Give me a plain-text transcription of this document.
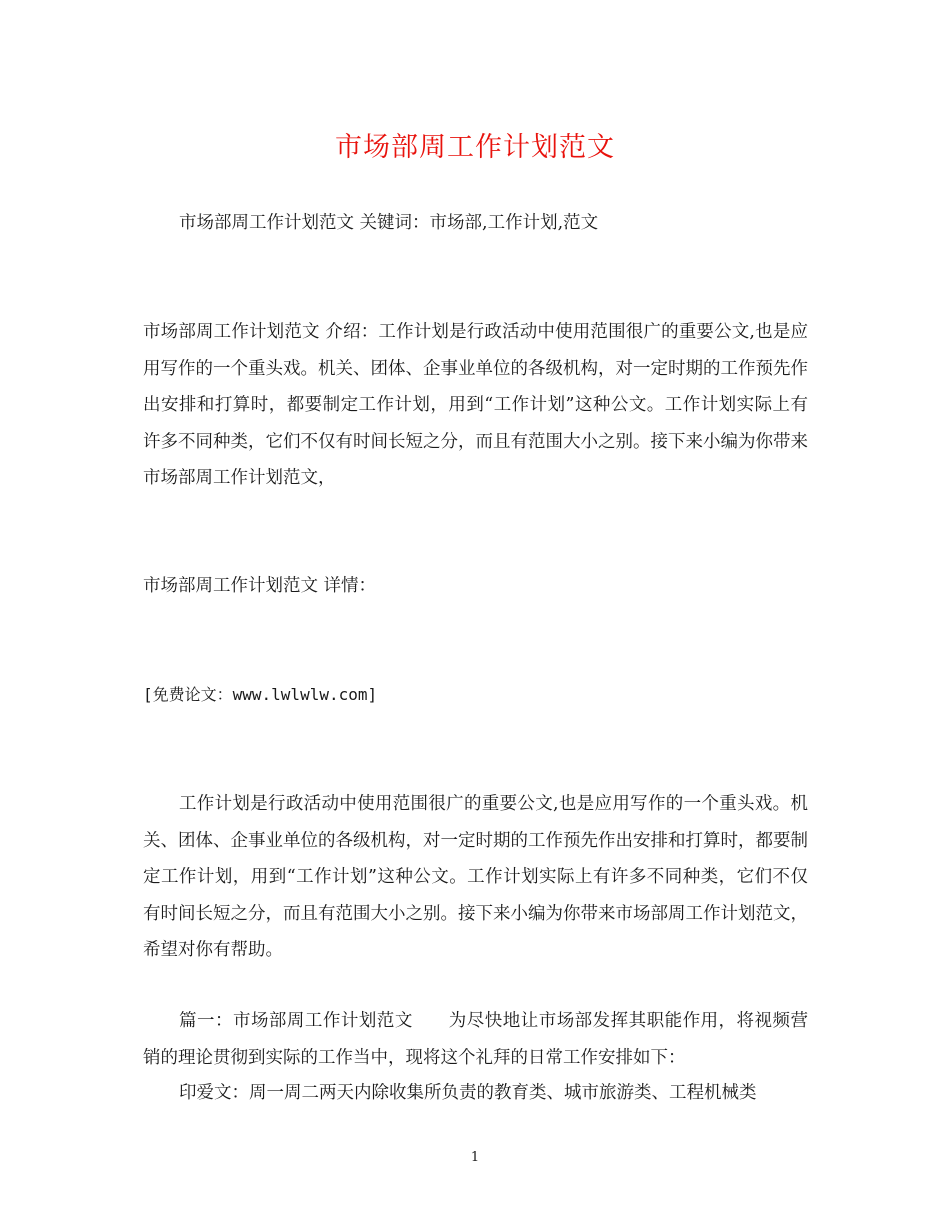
市场部周工作计划范文
市场部周工作计划范文 关键词：市场部,工作计划,范文
市场部周工作计划范文 介绍：工作计划是行政活动中使用范围很广的重要公文,也是应用写作的一个重头戏。机关、团体、企事业单位的各级机构，对一定时期的工作预先作出安排和打算时，都要制定工作计划，用到“工作计划”这种公文。工作计划实际上有许多不同种类，它们不仅有时间长短之分，而且有范围大小之别。接下来小编为你带来市场部周工作计划范文，
市场部周工作计划范文 详情：
[免费论文：www.lwlwlw.com]
工作计划是行政活动中使用范围很广的重要公文,也是应用写作的一个重头戏。机关、团体、企事业单位的各级机构，对一定时期的工作预先作出安排和打算时，都要制定工作计划，用到“工作计划”这种公文。工作计划实际上有许多不同种类，它们不仅有时间长短之分，而且有范围大小之别。接下来小编为你带来市场部周工作计划范文，希望对你有帮助。
篇一：市场部周工作计划范文　　为尽快地让市场部发挥其职能作用，将视频营销的理论贯彻到实际的工作当中，现将这个礼拜的日常工作安排如下：
印爱文：周一周二两天内除收集所负责的教育类、城市旅游类、工程机械类
1
